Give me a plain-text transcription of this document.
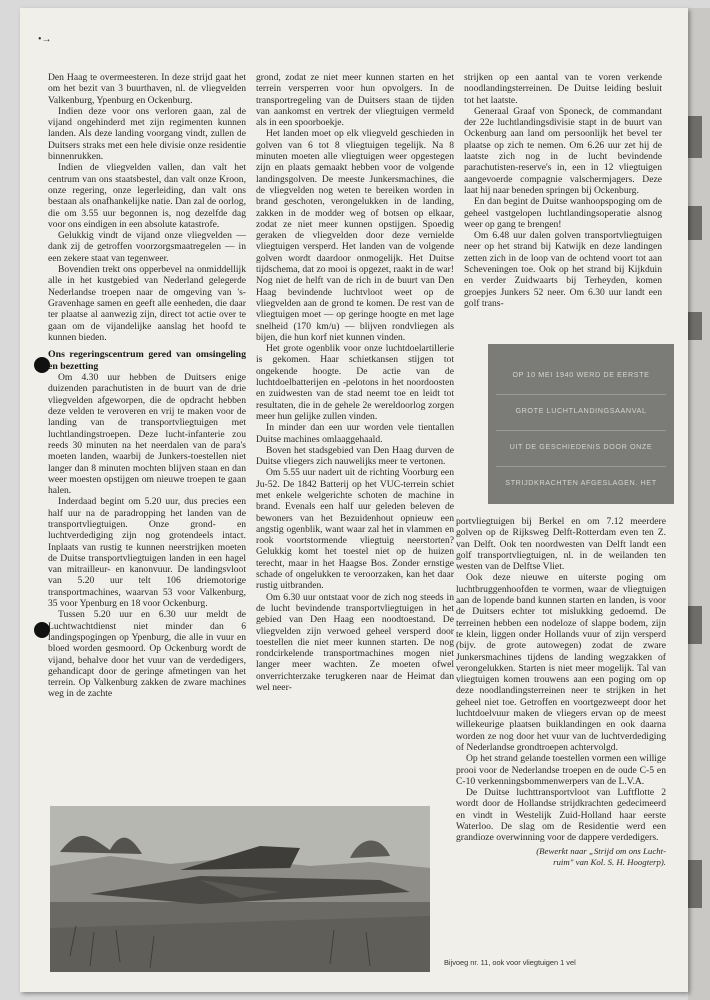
•→

Den Haag te overmeesteren. In deze strijd gaat het om het bezit van 3 buurthaven, nl. de vliegvelden Valkenburg, Ypenburg en Ockenburg.

Indien deze voor ons verloren gaan, zal de vijand ongehinderd met zijn regimenten kunnen landen. Als deze landing voorgang vindt, zullen de Duitsers straks met een hele divisie onze residentie binnenrukken.

Indien de vliegvelden vallen, dan valt het centrum van ons staatsbestel, dan valt onze Kroon, onze regering, onze legerleiding, dan valt ons bestaan als onafhankelijke natie. Dan zal de oorlog, die om 3.55 uur begonnen is, nog dezelfde dag voor ons eindigen in een absolute katastrofe.

Gelukkig vindt de vijand onze vliegvelden — dank zij de getroffen voorzorgsmaatregelen — in een zekere staat van tegenweer.

Bovendien trekt ons opperbevel na onmiddellijk alle in het kustgebied van Nederland gelegerde Nederlandse troepen naar de omgeving van 's-Gravenhage samen en geeft alle eenheden, die daar ter plaatse al aanwezig zijn, direct tot actie over te gaan om de vijandelijke aanslag het hoofd te kunnen bieden.

Ons regeringscentrum gered van omsingeling en bezetting

Om 4.30 uur hebben de Duitsers enige duizenden parachutisten in de buurt van de drie vliegvelden afgeworpen, die de opdracht hebben deze velden te veroveren en vrij te maken voor de landing van de transportvliegtuigen met luchtlandingstroepen. Deze lucht-infanterie zou reeds 30 minuten na het neerdalen van de para's moeten landen, waarbij de Junkers-toestellen niet langer dan 8 minuten mochten blijven staan en dan weer moesten opstijgen om nieuwe troepen te gaan halen.

Inderdaad begint om 5.20 uur, dus precies een half uur na de paradropping het landen van de transportvliegtuigen. Onze grond- en luchtverdediging zijn nog grotendeels intact. Inplaats van rustig te kunnen neerstrijken moeten de Duitse transportvliegtuigen landen in een hagel van mitrailleur- en kanonvuur. De landingsvloot van 5.20 uur telt 106 driemotorige transportmachines, waarvan 53 voor Valkenburg, 35 voor Ypenburg en 18 voor Ockenburg.

Tussen 5.20 uur en 6.30 uur meldt de Luchtwachtdienst niet minder dan 6 landingspogingen op Ypenburg, die alle in vuur en bloed worden gesmoord. Op Ockenburg wordt de vijand, behalve door het vuur van de verdedigers, gehandicapt door de geringe afmetingen van het terrein. Op Valkenburg zakken de zware machines weg in de zachte

grond, zodat ze niet meer kunnen starten en het terrein versperren voor hun opvolgers. In de transportregeling van de Duitsers staan de tijden van aankomst en vertrek der vliegtuigen vermeld als in een spoorboekje.

Het landen moet op elk vliegveld geschieden in golven van 6 tot 8 vliegtuigen tegelijk. Na 8 minuten moeten alle vliegtuigen weer opgestegen zijn en plaats gemaakt hebben voor de volgende landingsgolven. De meeste Junkersmachines, die de vliegvelden nog weten te bereiken worden in brand geschoten, verongelukken in de landing, zakken in de modder weg of botsen op elkaar, zodat ze niet meer kunnen opstijgen. Spoedig geraken de vliegvelden door deze vernielde vliegtuigen versperd. Het landen van de volgende golven wordt daardoor onmogelijk. Het Duitse tijdschema, dat zo mooi is opgezet, raakt in de war! Nog niet de helft van de rich in de buurt van Den Haag bevindende luchtvloot weet op de vliegvelden aan de grond te komen. De rest van de vliegtuigen moet — op geringe hoogte en met lage snelheid (170 km/u) — blijven rondvliegen als bijen, die hun korf niet kunnen vinden.

Het grote ogenblik voor onze luchtdoelartillerie is gekomen. Haar schietkansen stijgen tot ongekende hoogte. De actie van de luchtdoelbatterijen en -pelotons in het noordoosten en zuidwesten van de stad neemt toe en leidt tot resultaten, die in de gehele 2e wereldoorlog zorgen meer hun gelijke zullen vinden.

In minder dan een uur worden vele tientallen Duitse machines omlaaggehaald.

Boven het stadsgebied van Den Haag durven de Duitse vliegers zich nauwelijks meer te vertonen.

Om 5.55 uur nadert uit de richting Voorburg een Ju-52. De 1842 Batterij op het VUC-terrein schiet met enkele welgerichte schoten de machine in brand. Evenals een half uur geleden beleven de bewoners van het Bezuidenhout opnieuw een angstig ogenblik, want waar zal het in vlammen en rook voortstormende vliegtuig neerstorten? Gelukkig komt het toestel niet op de huizen terecht, maar in het Haagse Bos. Zonder ernstige schade of ongelukken te veroorzaken, kan het daar rustig uitbranden.

Om 6.30 uur ontstaat voor de zich nog steeds in de lucht bevindende transportvliegtuigen in het gebied van Den Haag een noodtoestand. De vliegvelden zijn verwoed geheel versperd door toestellen die niet meer kunnen starten. De nog rondcirkelende transportmachines mogen niet langer meer wachten. Ze moeten ofwel onverrichterzake terugkeren naar de Heimat dan wel neer-

strijken op een aantal van te voren verkende noodlandingsterreinen. De Duitse leiding besluit tot het laatste.

Generaal Graaf von Sponeck, de commandant der 22e luchtlandingsdivisie stapt in de buurt van Ockenburg aan land om persoonlijk het bevel ter plaatse op zich te nemen. Om 6.26 uur zet hij de laatste zich nog in de lucht bevindende parachutisten-reserve's in, een in 12 vliegtuigen aangevoerde compagnie valschermjagers. Deze laat hij naar beneden springen bij Ockenburg.

En dan begint de Duitse wanhoopspoging om de geheel vastgelopen luchtlandingsoperatie alsnog weer op gang te brengen!

Om 6.48 uur dalen golven transportvliegtuigen neer op het strand bij Katwijk en deze landingen zetten zich in de loop van de ochtend voort tot aan Scheveningen toe. Ook op het strand bij Kijkduin en verder Zuidwaarts bij Terheyden, komen groepjes Junkers 52 neer. Om 6.30 uur landt een golf trans-

OP 10 MEI 1940 WERD DE EERSTE
GROTE LUCHTLANDINGSAANVAL
UIT DE GESCHIEDENIS DOOR ONZE
STRIJDKRACHTEN AFGESLAGEN. HET

portvliegtuigen bij Berkel en om 7.12 meerdere golven op de Rijksweg Delft-Rotterdam even ten Z. van Delft. Ook ten noordwesten van Delft landt een golf transportvliegtuigen, nl. in de weilanden ten westen van de Delftse Vliet.

Ook deze nieuwe en uiterste poging om luchtbruggenhoofden te vormen, waar de vliegtuigen aan de lopende band kunnen starten en landen, is voor de Duitsers echter tot mislukking gedoemd. De terreinen hebben een nodeloze of slappe bodem, zijn te klein, liggen onder Hollands vuur of zijn versperd (bijv. de grote autowegen) zodat de zware Junkersmachines tijdens de landing wegzakken of verongelukken. Starten is niet meer mogelijk. Tal van vliegtuigen komen trouwens aan een poging om op deze noodlandingsterreinen neer te strijken in het geheel niet toe. Getroffen en voortgezweept door het luchtdoelvuur maken de vliegers ervan op de meest willekeurige plaatsen buiklandingen en ook daarna worden ze nog door het vuur van de luchtverdediging of Nederlandse grondtroepen achtervolgd.

Op het strand gelande toestellen vormen een willige prooi voor de Nederlandse troepen en de oude C-5 en C-10 verkenningsbommenwerpers van de L.V.A.

De Duitse luchttransportvloot van Luftflotte 2 wordt door de Hollandse strijdkrachten gedecimeerd en vindt in Westelijk Zuid-Holland haar eerste Waterloo. De slag om de Residentie werd een grandioze overwinning voor de dappere verdedigers.

(Bewerkt naar „Strijd om ons Lucht-
ruim" van Kol. S. H. Hoogterp).
Bijvoeg nr. 11, ook voor vliegtuigen 1 vel
